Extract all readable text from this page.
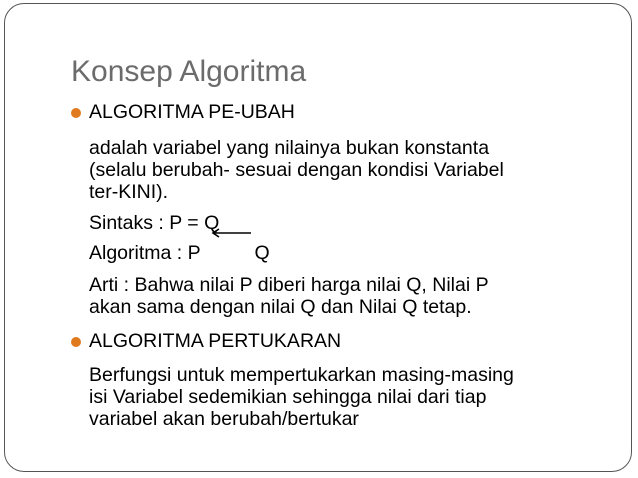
Konsep Algoritma
ALGORITMA PE-UBAH
adalah variabel yang nilainya bukan konstanta
(selalu berubah- sesuai dengan kondisi Variabel
ter-KINI).
Sintaks : P = Q
Algoritma : P          Q
Arti : Bahwa nilai P diberi harga nilai Q, Nilai P
akan sama dengan nilai Q dan Nilai Q tetap.
ALGORITMA PERTUKARAN
Berfungsi untuk mempertukarkan masing-masing
isi Variabel sedemikian sehingga nilai dari tiap
variabel akan berubah/bertukar
